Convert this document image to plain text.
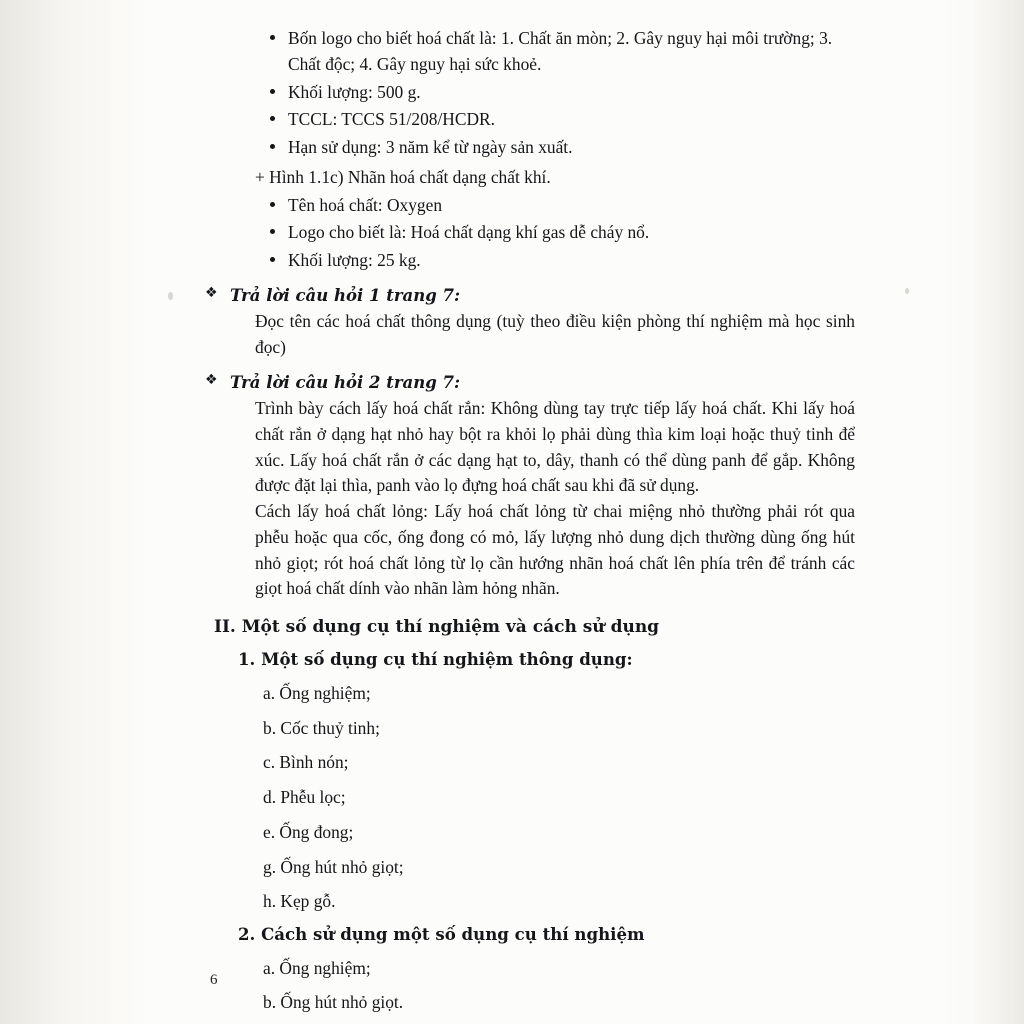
Bốn logo cho biết hoá chất là: 1. Chất ăn mòn; 2. Gây nguy hại môi trường; 3. Chất độc; 4. Gây nguy hại sức khoẻ.
Khối lượng: 500 g.
TCCL: TCCS 51/208/HCDR.
Hạn sử dụng: 3 năm kể từ ngày sản xuất.
+ Hình 1.1c) Nhãn hoá chất dạng chất khí.
Tên hoá chất: Oxygen
Logo cho biết là: Hoá chất dạng khí gas dễ cháy nổ.
Khối lượng: 25 kg.
❖ Trả lời câu hỏi 1 trang 7:

Đọc tên các hoá chất thông dụng (tuỳ theo điều kiện phòng thí nghiệm mà học sinh đọc)

❖ Trả lời câu hỏi 2 trang 7:

Trình bày cách lấy hoá chất rắn: Không dùng tay trực tiếp lấy hoá chất. Khi lấy hoá chất rắn ở dạng hạt nhỏ hay bột ra khỏi lọ phải dùng thìa kim loại hoặc thuỷ tinh để xúc. Lấy hoá chất rắn ở các dạng hạt to, dây, thanh có thể dùng panh để gắp. Không được đặt lại thìa, panh vào lọ đựng hoá chất sau khi đã sử dụng.

Cách lấy hoá chất lỏng: Lấy hoá chất lỏng từ chai miệng nhỏ thường phải rót qua phễu hoặc qua cốc, ống đong có mỏ, lấy lượng nhỏ dung dịch thường dùng ống hút nhỏ giọt; rót hoá chất lỏng từ lọ cần hướng nhãn hoá chất lên phía trên để tránh các giọt hoá chất dính vào nhãn làm hỏng nhãn.

II. Một số dụng cụ thí nghiệm và cách sử dụng
1. Một số dụng cụ thí nghiệm thông dụng:
a. Ống nghiệm;
b. Cốc thuỷ tinh;
c. Bình nón;
d. Phễu lọc;
e. Ống đong;
g. Ống hút nhỏ giọt;
h. Kẹp gỗ.
2. Cách sử dụng một số dụng cụ thí nghiệm
a. Ống nghiệm;
b. Ống hút nhỏ giọt.
6
